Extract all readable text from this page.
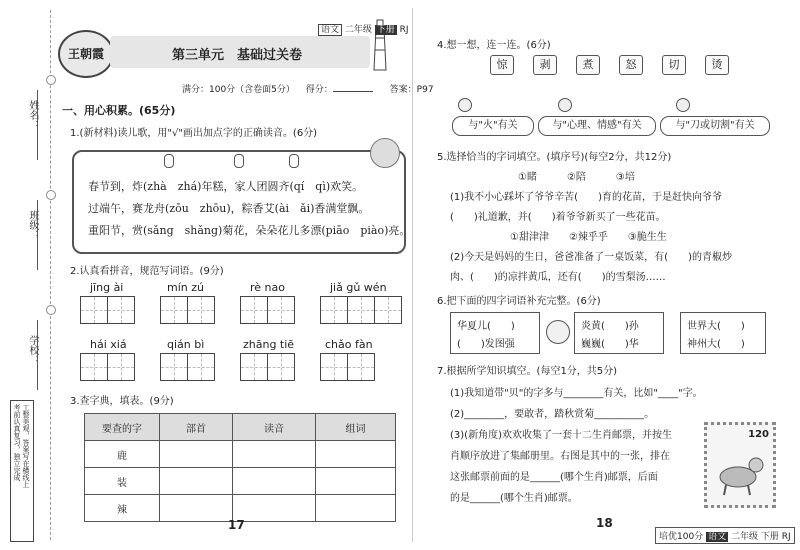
姓名：
班级：
学校：
工整美观，答案写在横线上
考前认真复习，独立完成
王朝霞	第三单元　基础过关卷
语文 二年级 下册 RJ
满分：100分（含卷面5分） 得分：	答案：P97
一、用心积累。(65分)
1.(新材料)读儿歌，用"√"画出加点字的正确读音。(6分)
春节到，炸(zhà　zhá)年糕，家人团圆齐(qí　qì)欢笑。
过端午，赛龙舟(zōu　zhōu)，粽香艾(ài　ǎi)香满堂飘。
重阳节，赏(sǎng　shǎng)菊花，朵朵花儿多漂(piāo　piào)亮。
2.认真看拼音，规范写词语。(9分)
jīng ài	mín zú	rè nao	jiǎ gǔ wén
hái xiá	qián bì	zhāng tiē	chǎo fàn
3.查字典，填表。(9分)
要查的字	部首	读音	组词
鹿			
装			
辣			
17
4.想一想，连一连。(6分)
惊	剥	煮	怒	切	烫
与"火"有关	与"心理、情感"有关	与"刀或切割"有关
5.选择恰当的字词填空。(填序号)(每空2分，共12分)
①睹　　　②陪　　　③培
(1)我不小心踩坏了爷爷辛苦(　　)育的花苗，于是赶快向爷爷
(　　)礼道歉，并(　　)着爷爷新买了一些花苗。
①甜津津　　②辣乎乎　　③脆生生
(2)今天是妈妈的生日，爸爸准备了一桌饭菜，有(　　)的青椒炒
肉、(　　)的凉拌黄瓜，还有(　　)的雪梨汤……
6.把下面的四字词语补充完整。(6分)
华夏儿(　　)
(　　)发图强
炎黄(　　)孙
巍巍(　　)华
世界大(　　)
神州大(　　)
7.根据所学知识填空。(每空1分，共5分)
(1)我知道带"贝"的字多与________有关，比如"____"字。
(2)________，要敢者，踏秋赏菊__________。
(3)(新角度)欢欢收集了一套十二生肖邮票，并按生
肖顺序放进了集邮册里。右图是其中的一张，排在
这张邮票前面的是______(哪个生肖)邮票，后面
的是______(哪个生肖)邮票。
120
18
培优100分 语文 二年级 下册 RJ
